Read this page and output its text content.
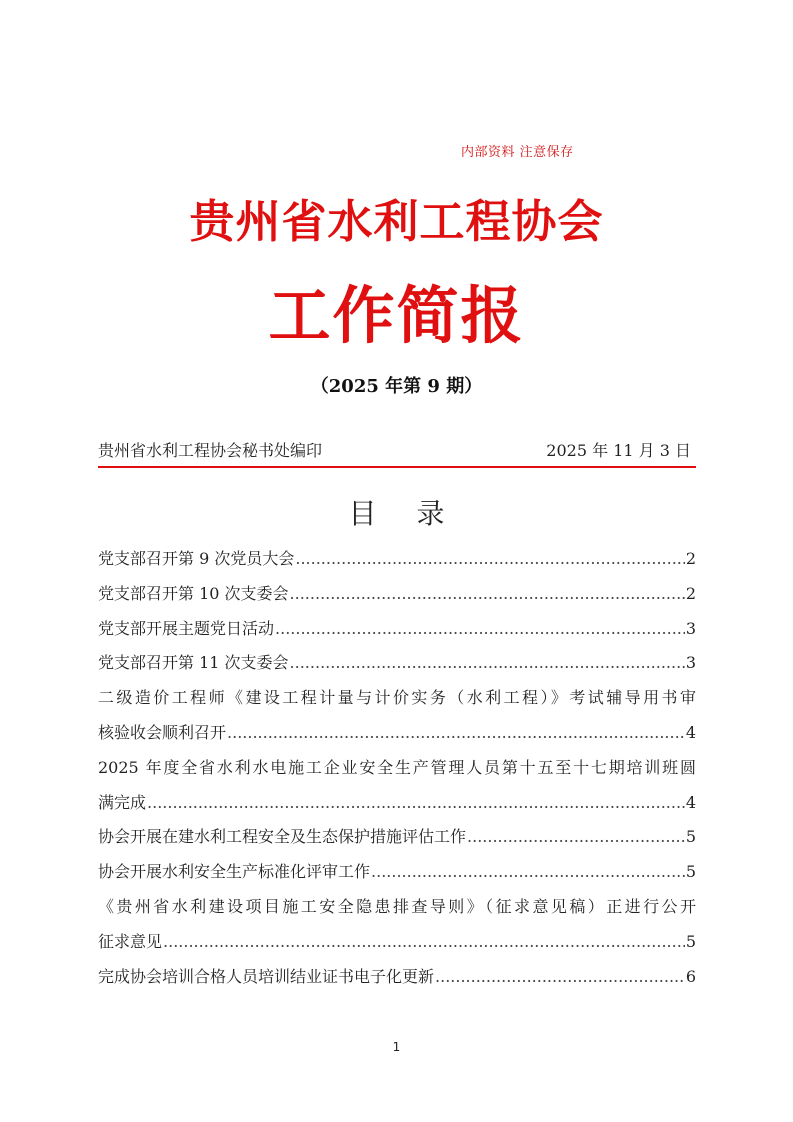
内部资料 注意保存
贵州省水利工程协会
工作简报
（2025 年第 9 期）
贵州省水利工程协会秘书处编印	2025 年 11 月 3 日
目录
党支部召开第 9 次党员大会 .....	2
党支部召开第 10 次支委会 .....	2
党支部开展主题党日活动 .....	3
党支部召开第 11 次支委会 .....	3
二级造价工程师《建设工程计量与计价实务（水利工程）》考试辅导用书审
核验收会顺利召开 .....	4
2025 年度全省水利水电施工企业安全生产管理人员第十五至十七期培训班圆
满完成 .....	4
协会开展在建水利工程安全及生态保护措施评估工作 .....	5
协会开展水利安全生产标准化评审工作 .....	5
《贵州省水利建设项目施工安全隐患排查导则》（征求意见稿）正进行公开
征求意见 .....	5
完成协会培训合格人员培训结业证书电子化更新 .....	6
1
